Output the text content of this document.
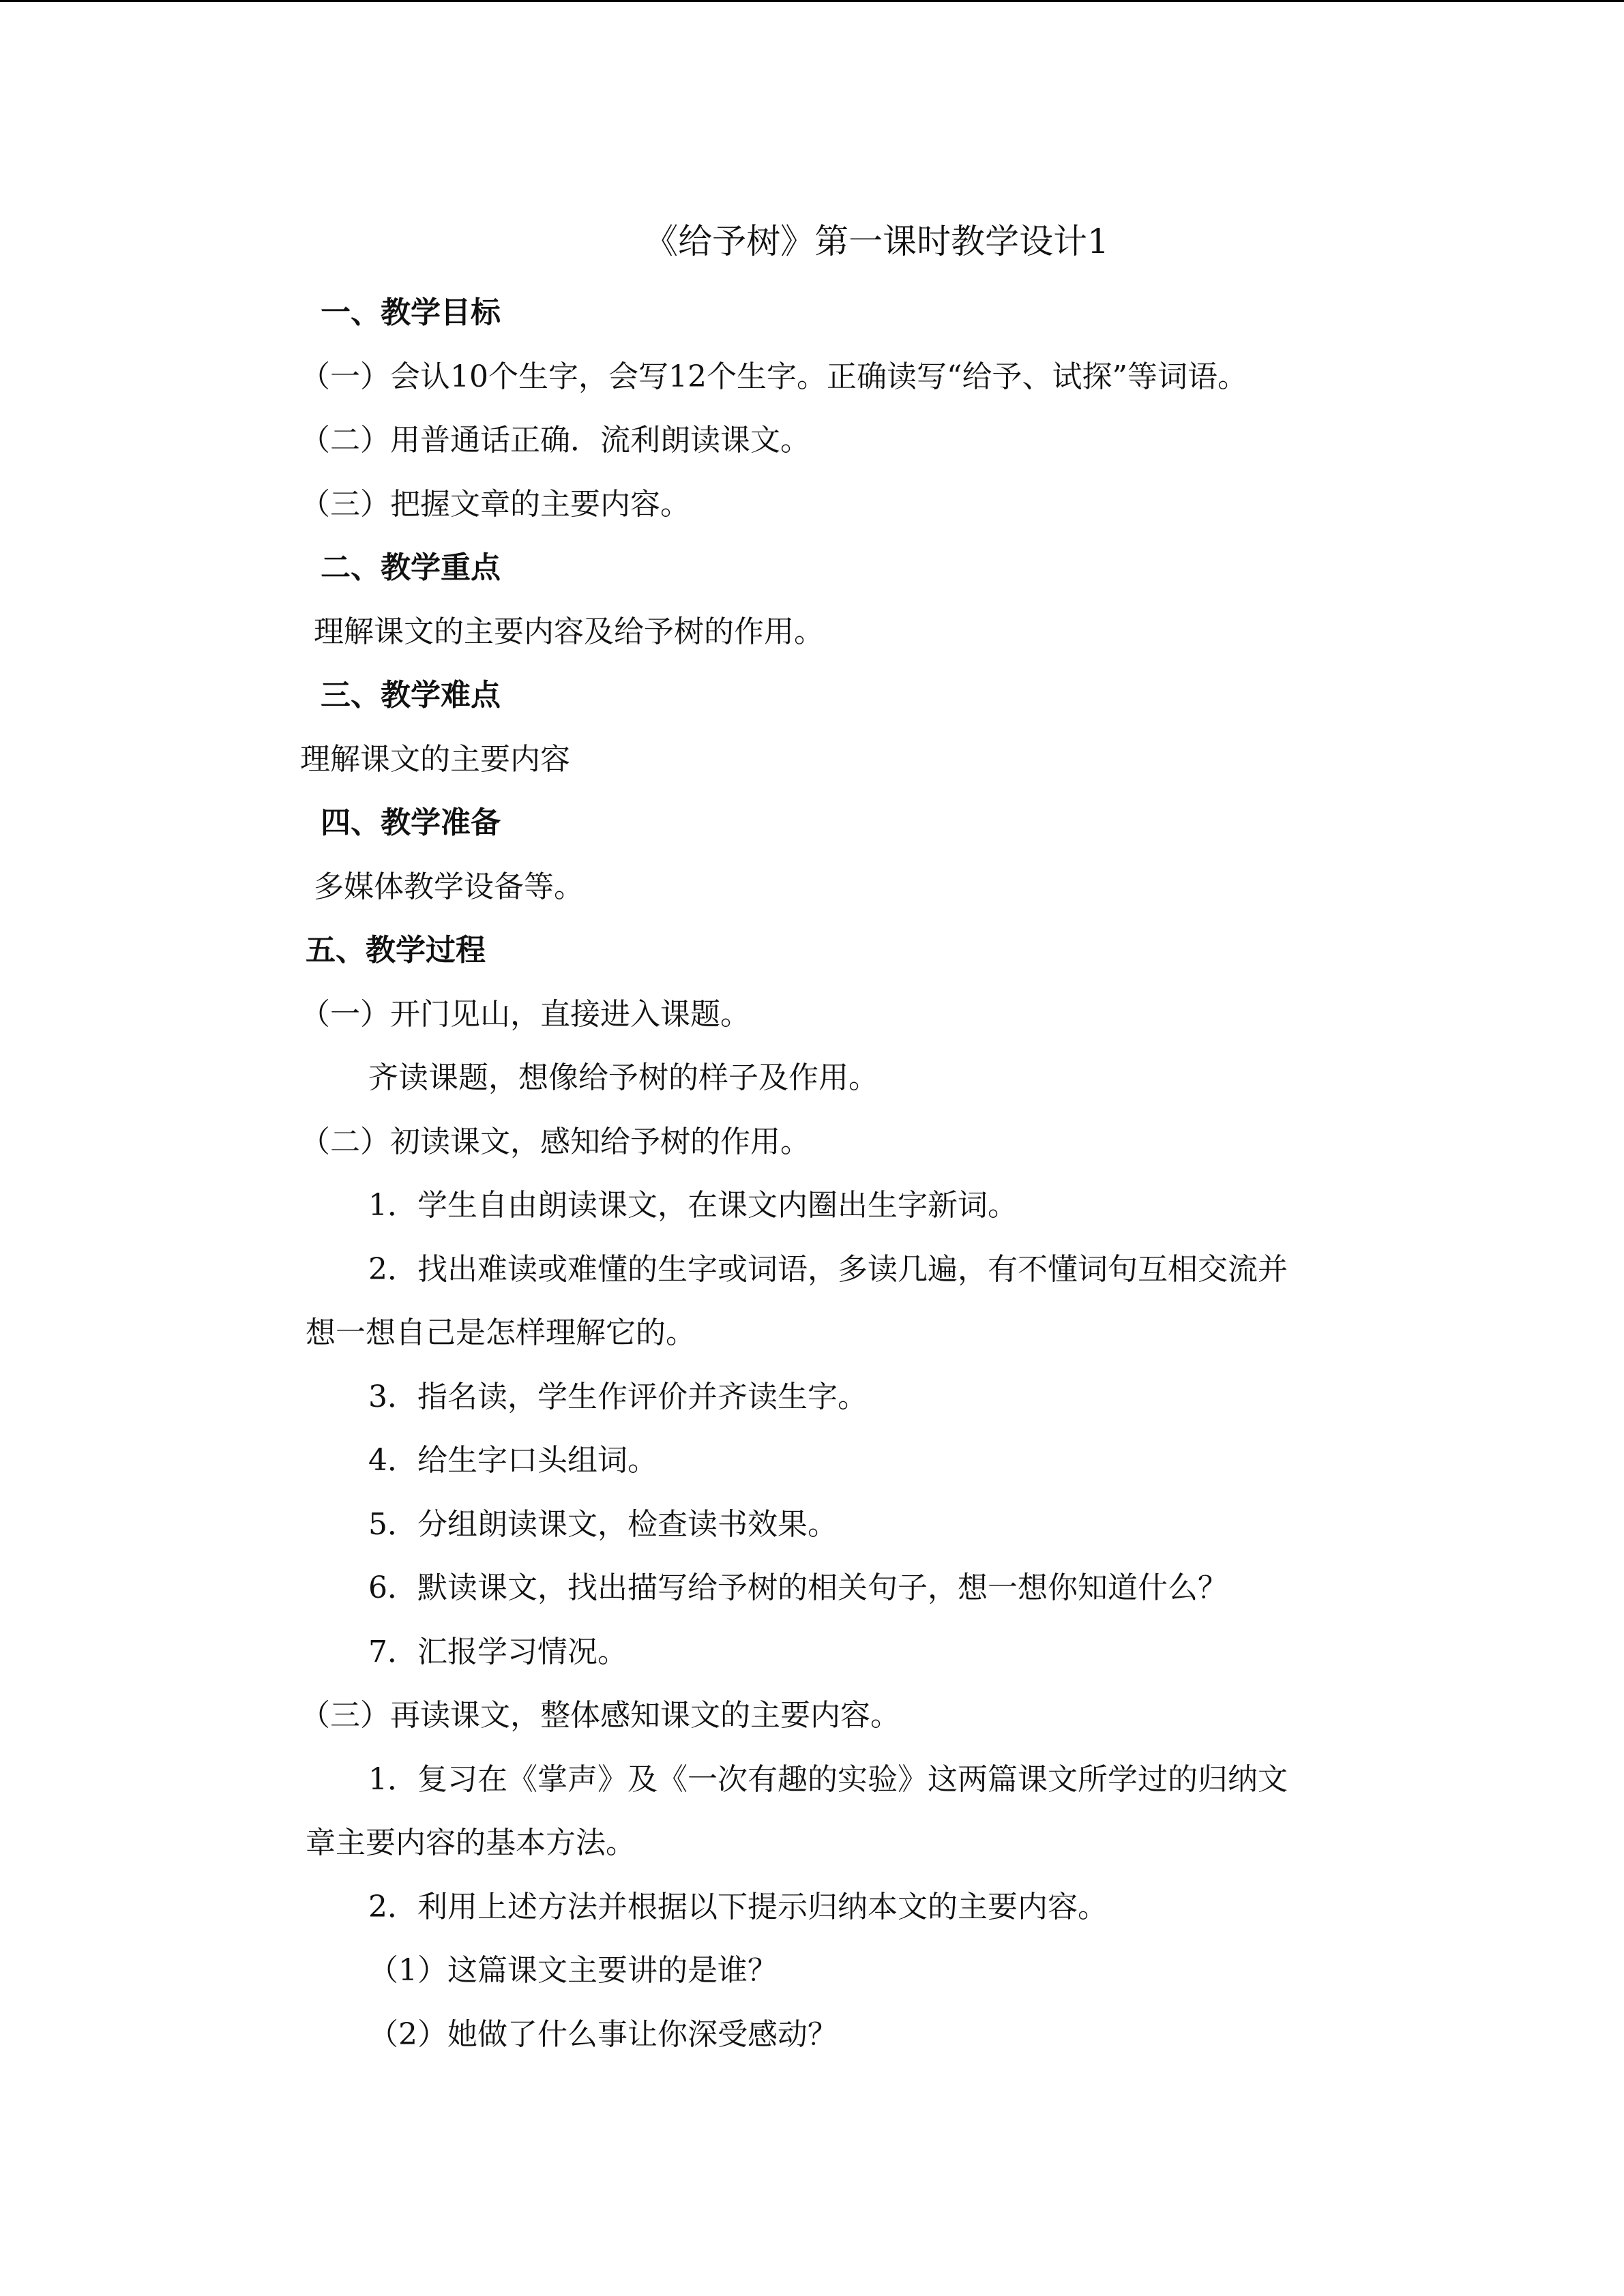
《给予树》第一课时教学设计1
一、教学目标
（一）会认10个生字，会写12个生字。正确读写“给予、试探”等词语。
（二）用普通话正确．流利朗读课文。
（三）把握文章的主要内容。
二、教学重点
理解课文的主要内容及给予树的作用。
三、教学难点
理解课文的主要内容
四、教学准备
多媒体教学设备等。
五、教学过程
（一）开门见山，直接进入课题。
齐读课题，想像给予树的样子及作用。
（二）初读课文，感知给予树的作用。
1．学生自由朗读课文，在课文内圈出生字新词。
2．找出难读或难懂的生字或词语，多读几遍，有不懂词句互相交流并
想一想自己是怎样理解它的。
3．指名读，学生作评价并齐读生字。
4．给生字口头组词。
5．分组朗读课文，检查读书效果。
6．默读课文，找出描写给予树的相关句子，想一想你知道什么？
7．汇报学习情况。
（三）再读课文，整体感知课文的主要内容。
1．复习在《掌声》及《一次有趣的实验》这两篇课文所学过的归纳文
章主要内容的基本方法。
2．利用上述方法并根据以下提示归纳本文的主要内容。
（1）这篇课文主要讲的是谁？
（2）她做了什么事让你深受感动？
